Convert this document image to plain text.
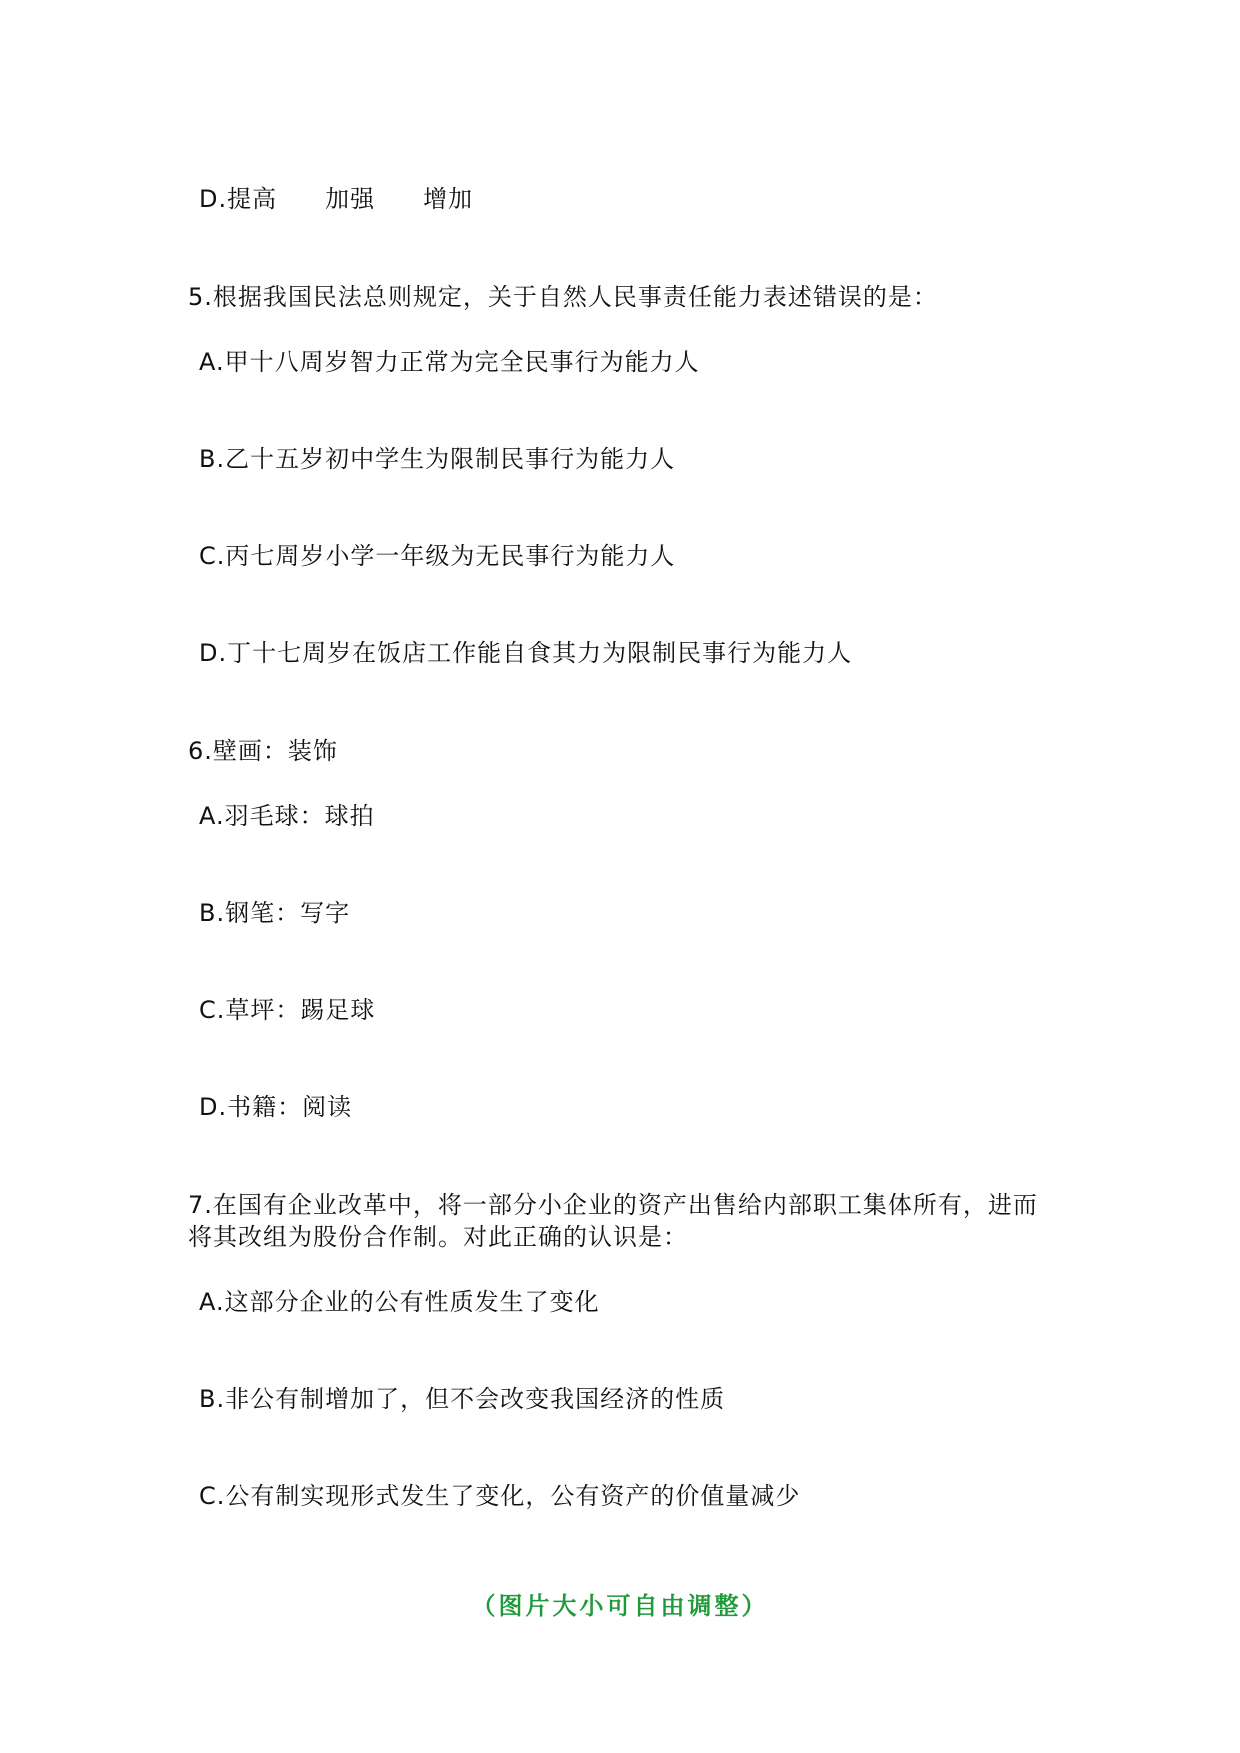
D.提高 加强 增加
5.根据我国民法总则规定，关于自然人民事责任能力表述错误的是：
A.甲十八周岁智力正常为完全民事行为能力人
B.乙十五岁初中学生为限制民事行为能力人
C.丙七周岁小学一年级为无民事行为能力人
D.丁十七周岁在饭店工作能自食其力为限制民事行为能力人
6.壁画：装饰
A.羽毛球：球拍
B.钢笔：写字
C.草坪：踢足球
D.书籍：阅读
7.在国有企业改革中，将一部分小企业的资产出售给内部职工集体所有，进而
将其改组为股份合作制。对此正确的认识是：
A.这部分企业的公有性质发生了变化
B.非公有制增加了，但不会改变我国经济的性质
C.公有制实现形式发生了变化，公有资产的价值量减少
（图片大小可自由调整）
